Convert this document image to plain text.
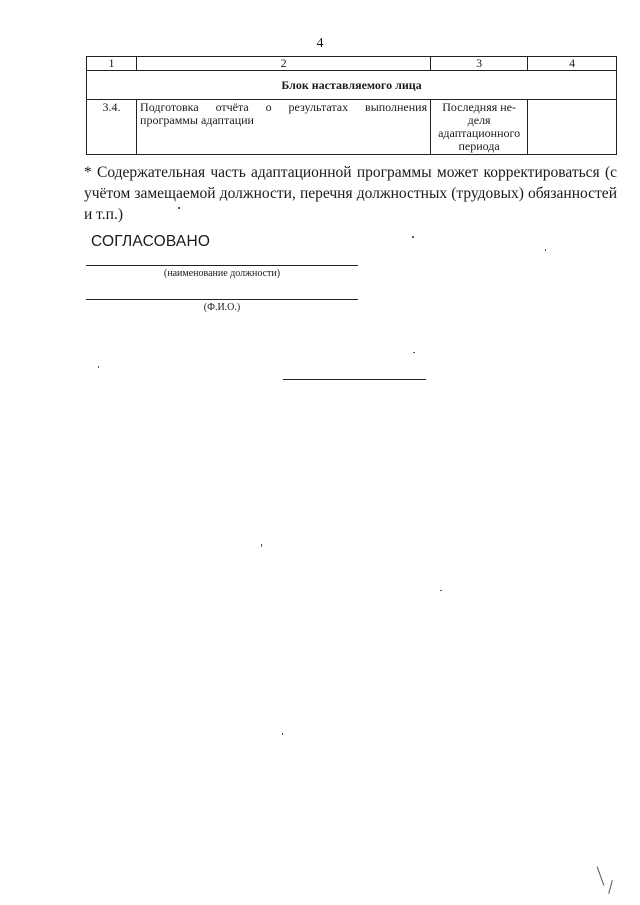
4
1	2	3	4
Блок наставляемого лица			
3.4.	Подготовка отчёта о результатах выполнения программы адаптации	Последняя не-деля адаптационного периода	
* Содержательная часть адаптационной программы может корректироваться (с учётом замещаемой должности, перечня должностных (трудовых) обязанностей и т.п.)
СОГЛАСОВАНО
(наименование должности)
(Ф.И.О.)
